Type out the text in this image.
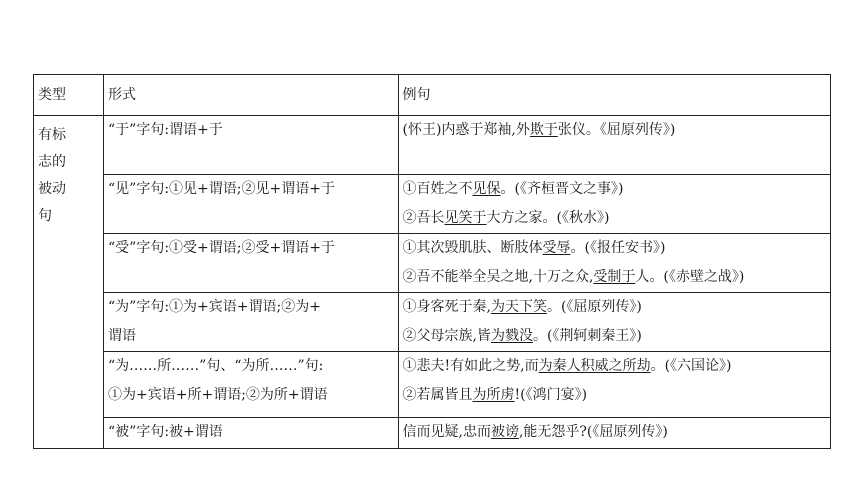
类型	形式	例句

有标
志的
被动
句	“于”字句:谓语+于	(怀王)内惑于郑袖,外欺于张仪。《屈原列传》)

	“见”字句:①见+谓语;②见+谓语+于	①百姓之不见保。(《齐桓晋文之事》)
②吾长见笑于大方之家。(《秋水》)

	“受”字句:①受+谓语;②受+谓语+于	①其次毁肌肤、断肢体受辱。(《报任安书》)
②吾不能举全吴之地,十万之众,受制于人。(《赤壁之战》)

	“为”字句:①为+宾语+谓语;②为+
谓语	①身客死于秦,为天下笑。(《屈原列传》)
②父母宗族,皆为戮没。(《荆轲刺秦王》)

	“为……所……”句、“为所……”句:
①为+宾语+所+谓语;②为所+谓语	①悲夫!有如此之势,而为秦人积威之所劫。(《六国论》)
②若属皆且为所虏!(《鸿门宴》)

	“被”字句:被+谓语	信而见疑,忠而被谤,能无怨乎?(《屈原列传》)
